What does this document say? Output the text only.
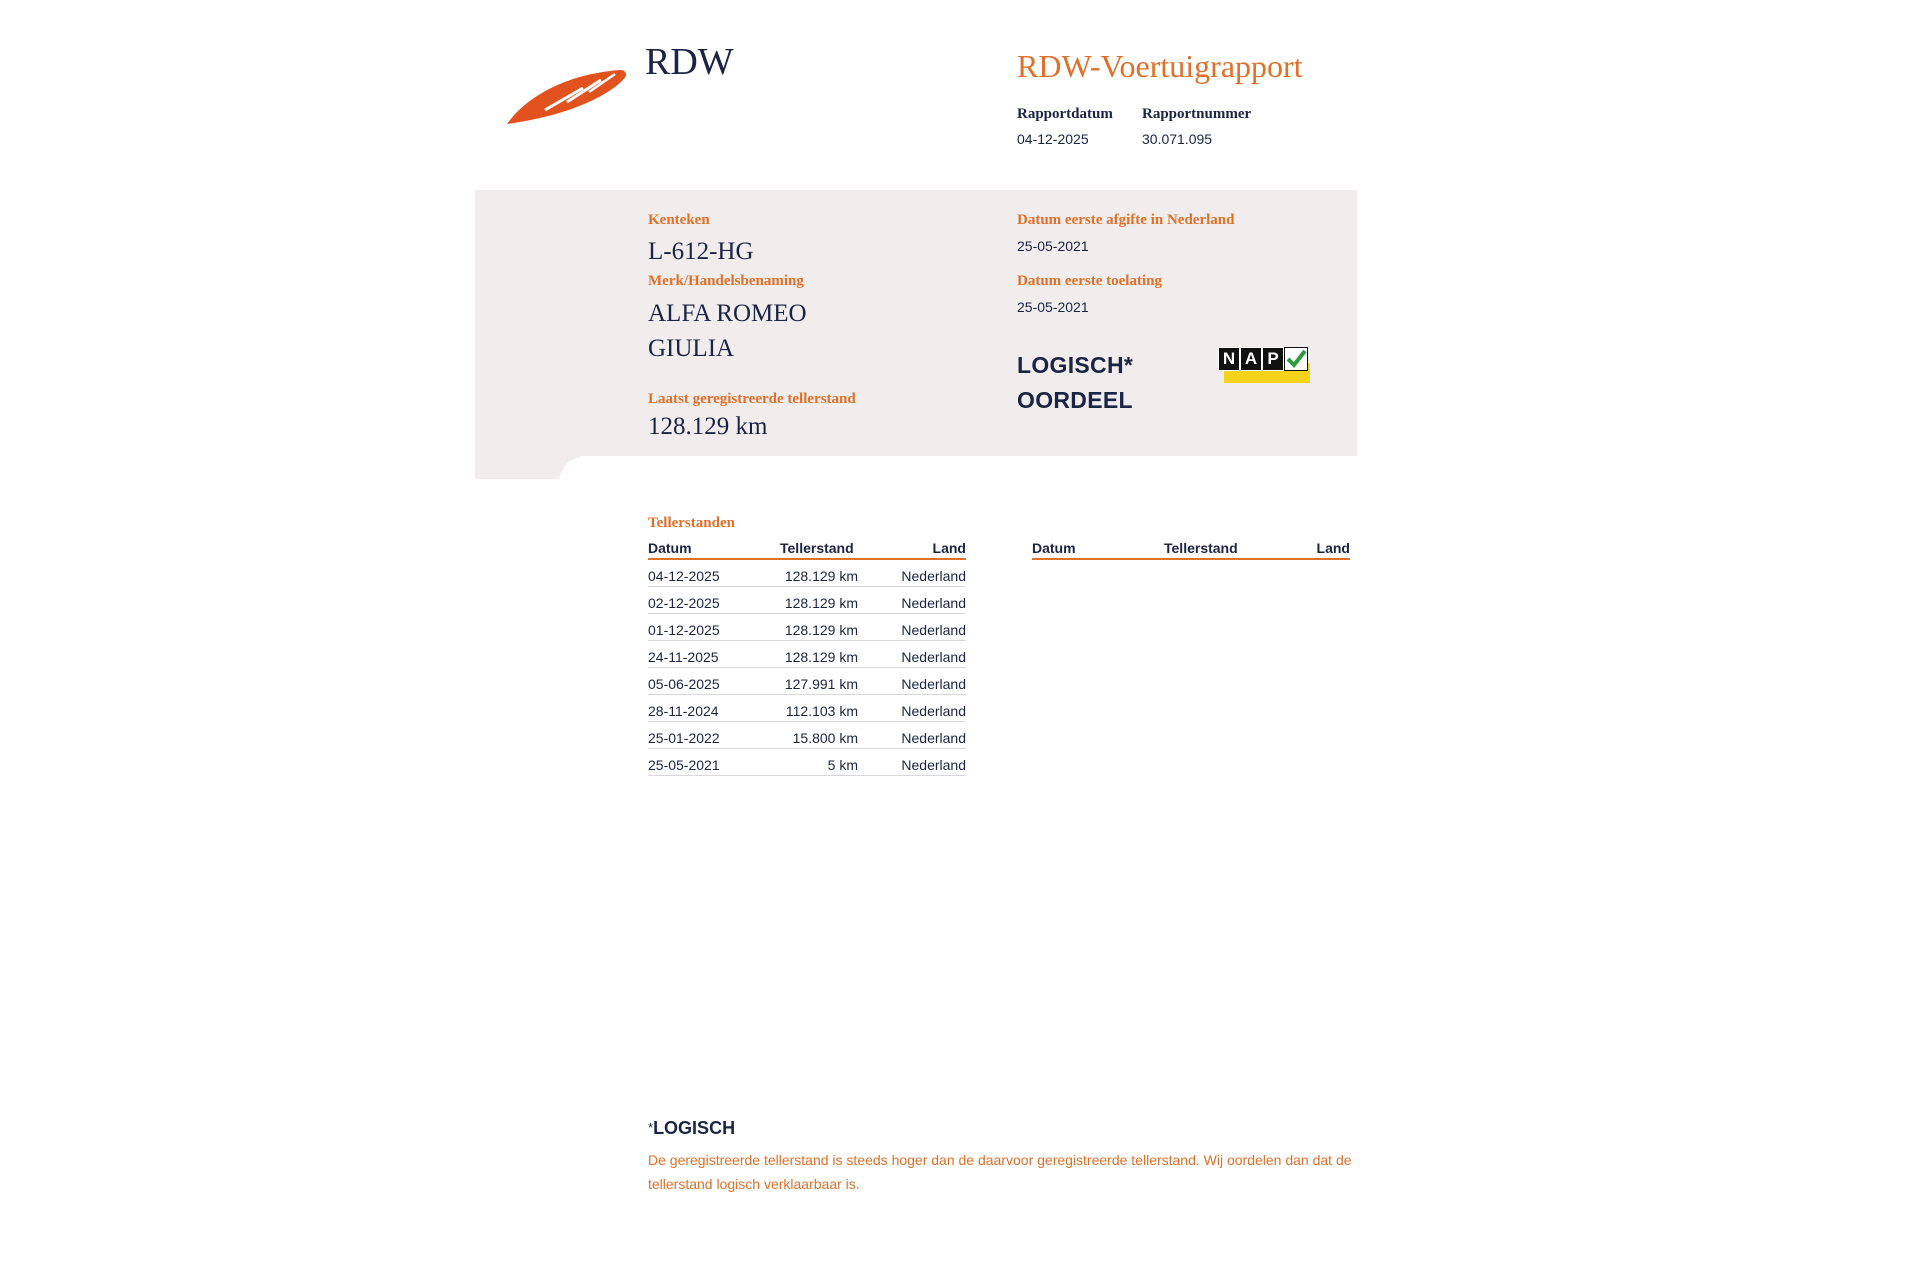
RDW	RDW-Voertuigrapport
Rapportdatum
04-12-2025
Rapportnummer
30.071.095
Kenteken
L-612-HG
Merk/Handelsbenaming
ALFA ROMEO
GIULIA
Laatst geregistreerde tellerstand
128.129 km
Datum eerste afgifte in Nederland
25-05-2021
Datum eerste toelating
25-05-2021
LOGISCH*
OORDEEL
N A P
Tellerstanden
Datum	Tellerstand	Land
04-12-2025	128.129 km	Nederland
02-12-2025	128.129 km	Nederland
01-12-2025	128.129 km	Nederland
24-11-2025	128.129 km	Nederland
05-06-2025	127.991 km	Nederland
28-11-2024	112.103 km	Nederland
25-01-2022	15.800 km	Nederland
25-05-2021	5 km	Nederland
Datum	Tellerstand	Land
*LOGISCH
De geregistreerde tellerstand is steeds hoger dan de daarvoor geregistreerde tellerstand. Wij oordelen dan dat de tellerstand logisch verklaarbaar is.
